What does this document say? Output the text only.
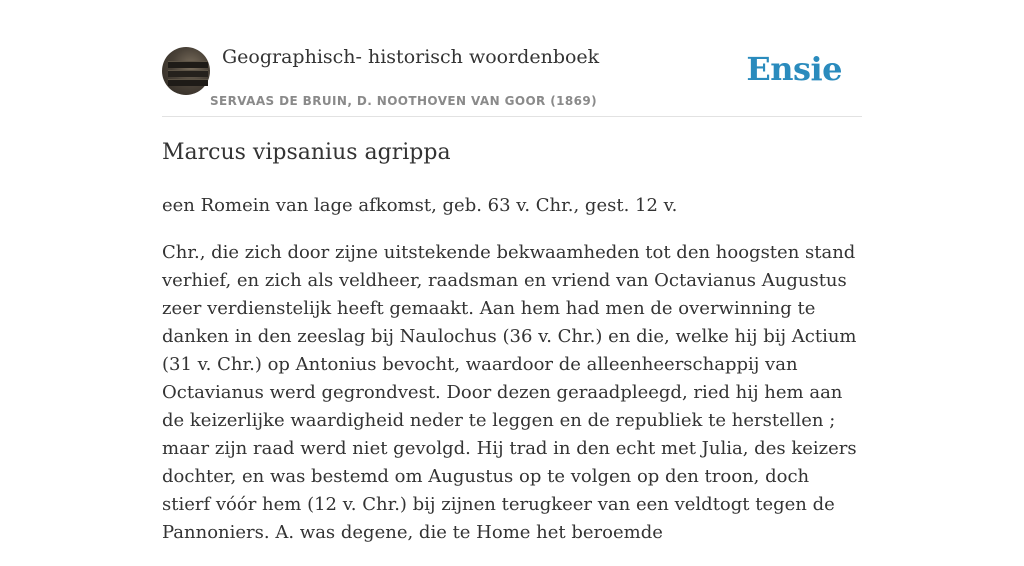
Geographisch- historisch woordenboek
SERVAAS DE BRUIN, D. NOOTHOVEN VAN GOOR (1869)
Ensie
Marcus vipsanius agrippa

een Romein van lage afkomst, geb. 63 v. Chr., gest. 12 v.

Chr., die zich door zijne uitstekende bekwaamheden tot den hoogsten stand verhief, en zich als veldheer, raadsman en vriend van Octavianus Augustus zeer verdienstelijk heeft gemaakt. Aan hem had men de overwinning te danken in den zeeslag bij Naulochus (36 v. Chr.) en die, welke hij bij Actium (31 v. Chr.) op Antonius bevocht, waardoor de alleenheerschappij van Octavianus werd gegrondvest. Door dezen geraadpleegd, ried hij hem aan de keizerlijke waardigheid neder te leggen en de republiek te herstellen ; maar zijn raad werd niet gevolgd. Hij trad in den echt met Julia, des keizers dochter, en was bestemd om Augustus op te volgen op den troon, doch stierf vóór hem (12 v. Chr.) bij zijnen terugkeer van een veldtogt tegen de Pannoniers. A. was degene, die te Home het beroemde
